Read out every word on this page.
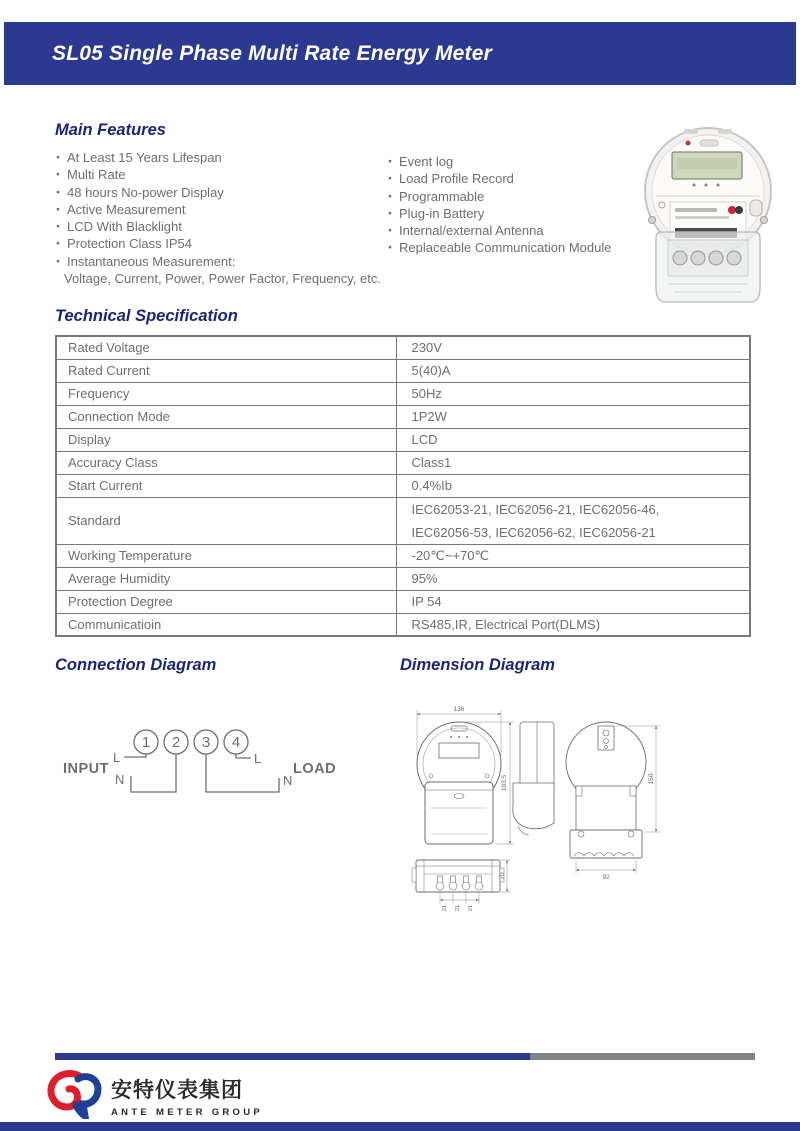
SL05 Single Phase Multi Rate Energy Meter
Main Features
● At Least 15 Years Lifespan
● Multi Rate
● 48 hours No-power Display
● Active Measurement
● LCD With Blacklight
● Protection Class IP54
● Instantaneous Measurement:
Voltage, Current, Power, Power Factor, Frequency, etc.
● Event log
● Load Profile Record
● Programmable
● Plug-in Battery
● Internal/external Antenna
● Replaceable Communication Module
Technical Specification
Rated Voltage	230V
Rated Current	5(40)A
Frequency	50Hz
Connection Mode	1P2W
Display	LCD
Accuracy Class	Class1
Start Current	0.4%Ib
Standard	IEC62053-21, IEC62056-21, IEC62056-46,
IEC62056-53, IEC62056-62, IEC62056-21

Working Temperature	-20℃~+70℃
Average Humidity	95%
Protection Degree	IP 54
Communicatioin	RS485,IR, Electrical Port(DLMS)
Connection Diagram	Dimension Diagram
1 2 3 4
INPUT
L
N
L
N
LOAD
136
193.5	150
92
70
21 21 21
安特仪表集团
ANTE METER GROUP
